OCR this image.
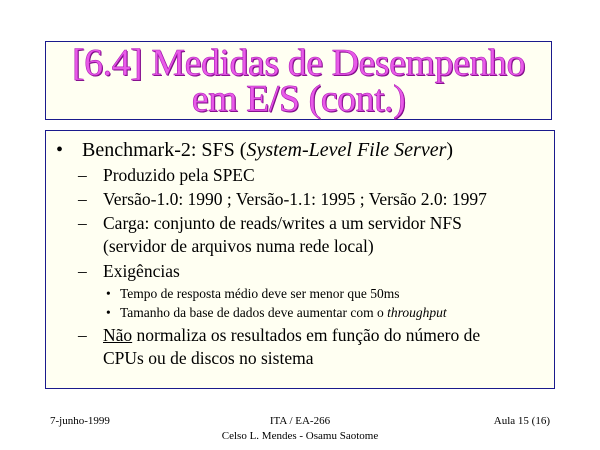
[6.4] Medidas de Desempenho
em E/S (cont.)
• Benchmark-2: SFS (System-Level File Server)
– Produzido pela SPEC
– Versão-1.0: 1990 ; Versão-1.1: 1995 ; Versão 2.0: 1997
– Carga: conjunto de reads/writes a um servidor NFS
(servidor de arquivos numa rede local)
– Exigências
• Tempo de resposta médio deve ser menor que 50ms
• Tamanho da base de dados deve aumentar com o throughput
– Não normaliza os resultados em função do número de
CPUs ou de discos no sistema
7-junho-1999	ITA / EA-266
Celso L. Mendes - Osamu Saotome
Aula 15 (16)
